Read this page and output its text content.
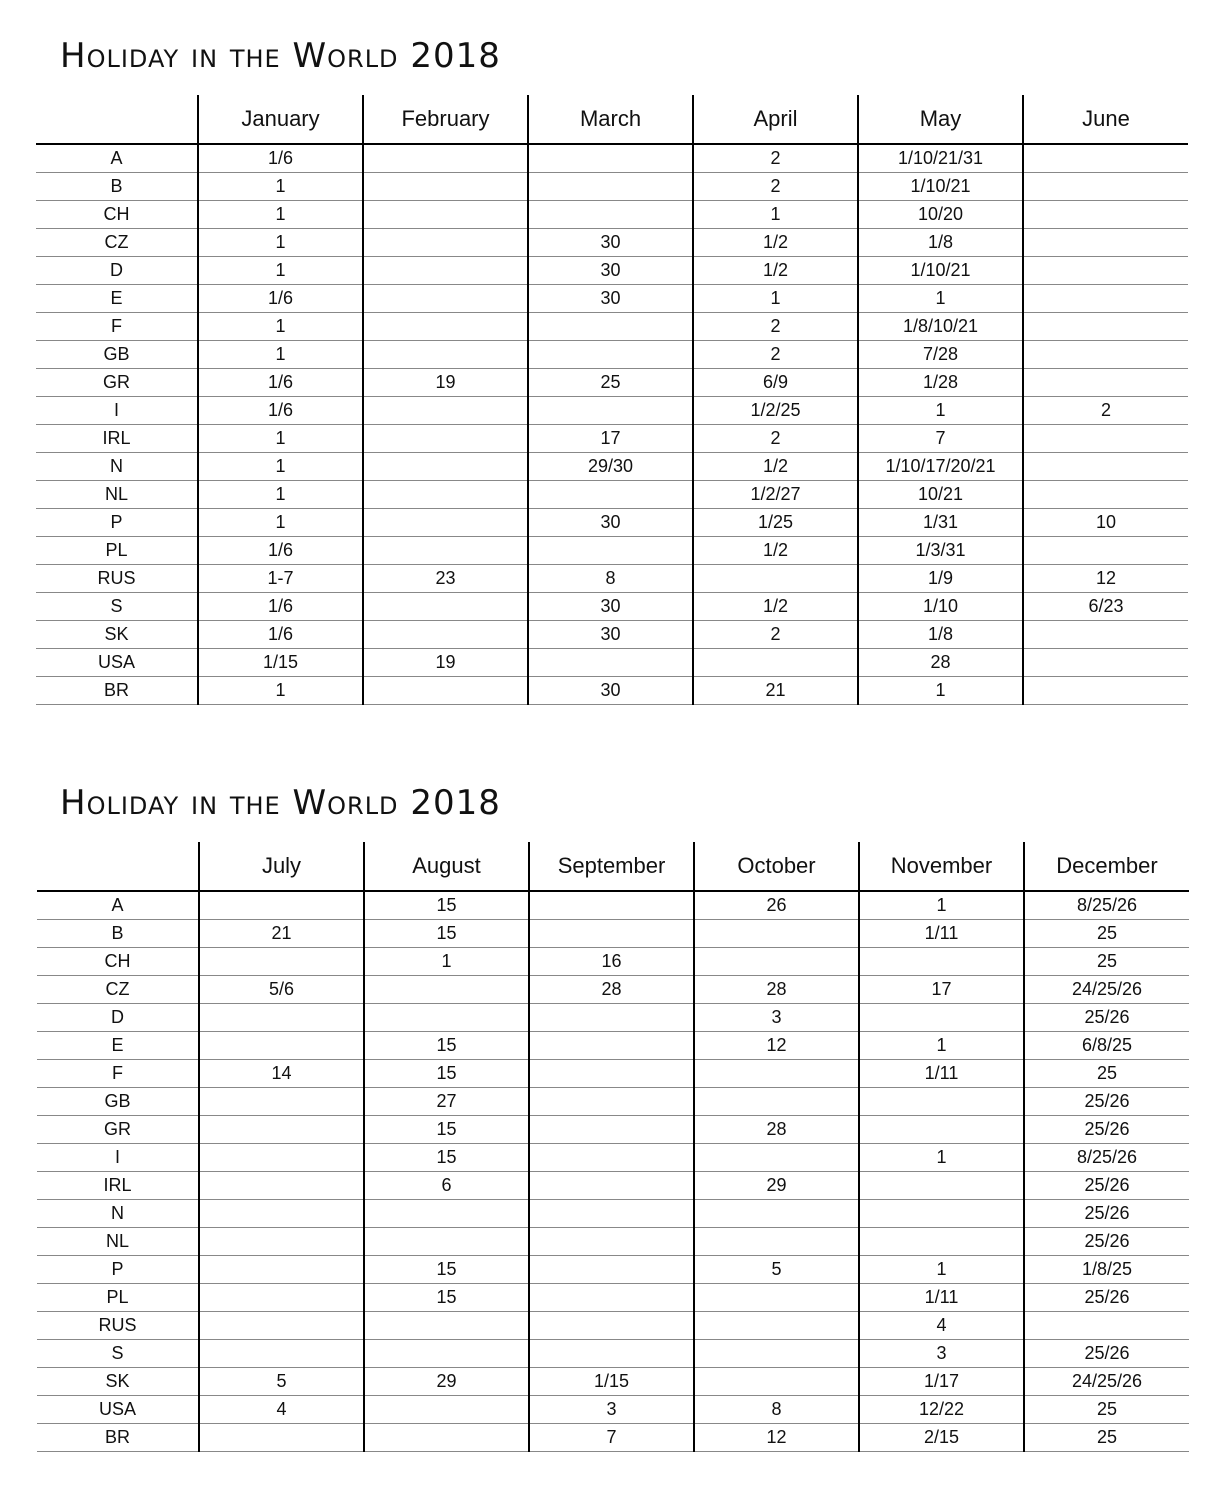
Holiday in the World 2018
	January	February	March	April	May	June
A	1/6			2	1/10/21/31	
B	1			2	1/10/21	
CH	1			1	10/20	
CZ	1		30	1/2	1/8	
D	1		30	1/2	1/10/21	
E	1/6		30	1	1	
F	1			2	1/8/10/21	
GB	1			2	7/28	
GR	1/6	19	25	6/9	1/28	
I	1/6			1/2/25	1	2
IRL	1		17	2	7	
N	1		29/30	1/2	1/10/17/20/21	
NL	1			1/2/27	10/21	
P	1		30	1/25	1/31	10
PL	1/6			1/2	1/3/31	
RUS	1-7	23	8		1/9	12
S	1/6		30	1/2	1/10	6/23
SK	1/6		30	2	1/8	
USA	1/15	19			28	
BR	1		30	21	1	
Holiday in the World 2018
	July	August	September	October	November	December
A		15		26	1	8/25/26
B	21	15			1/11	25
CH		1	16			25
CZ	5/6		28	28	17	24/25/26
D				3		25/26
E		15		12	1	6/8/25
F	14	15			1/11	25
GB		27				25/26
GR		15		28		25/26
I		15			1	8/25/26
IRL		6		29		25/26
N						25/26
NL						25/26
P		15		5	1	1/8/25
PL		15			1/11	25/26
RUS					4	
S					3	25/26
SK	5	29	1/15		1/17	24/25/26
USA	4		3	8	12/22	25
BR			7	12	2/15	25
